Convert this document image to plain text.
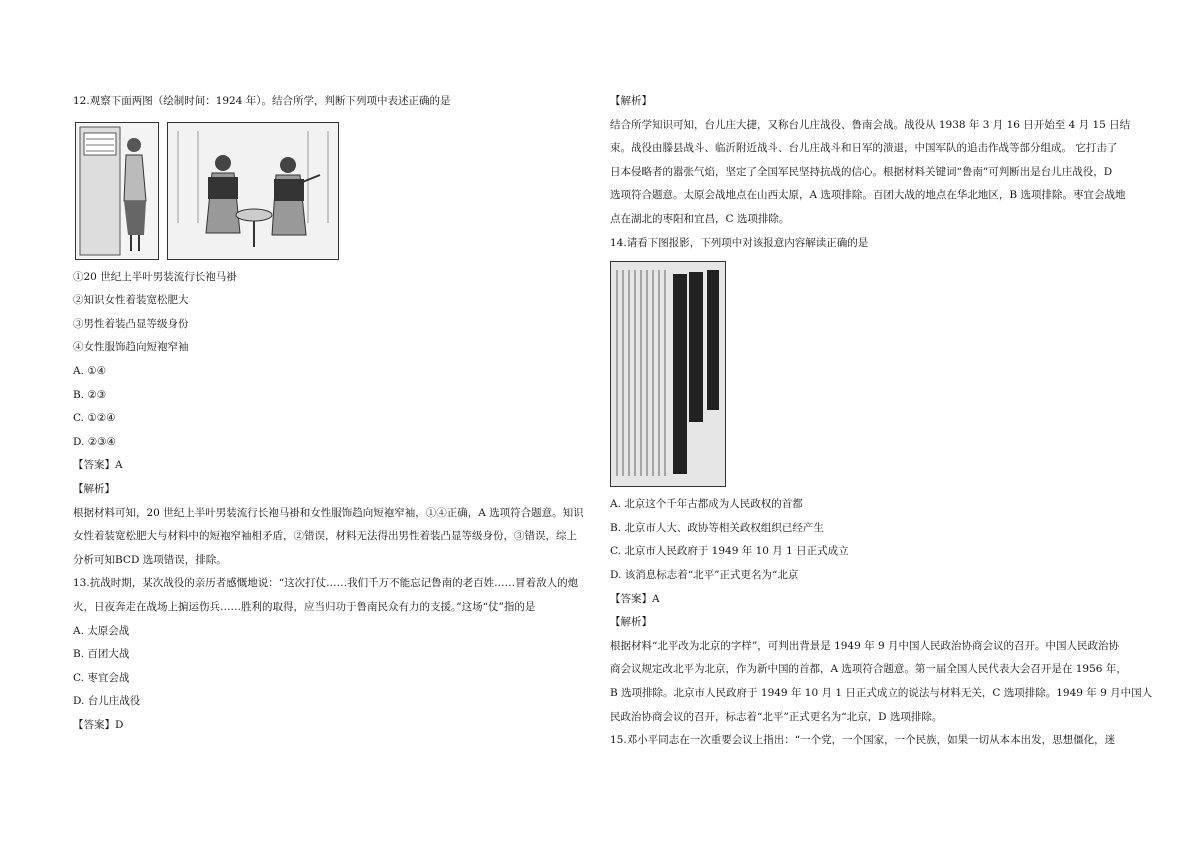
12.观察下面两图（绘制时间：1924 年）。结合所学，判断下列项中表述正确的是

①20 世纪上半叶男装流行长袍马褂

②知识女性着装宽松肥大

③男性着装凸显等级身份

④女性服饰趋向短袍窄袖

A. ①④

B. ②③

C. ①②④

D. ②③④

【答案】A

【解析】

根据材料可知，20 世纪上半叶男装流行长袍马褂和女性服饰趋向短袍窄袖，①④正确，A 选项符合题意。知识

女性着装宽松肥大与材料中的短袍窄袖相矛盾，②错误，材料无法得出男性着装凸显等级身份，③错误，综上

分析可知BCD 选项错误，排除。

13.抗战时期，某次战役的亲历者感慨地说：“这次打仗……我们千万不能忘记鲁南的老百姓……冒着敌人的炮

火，日夜奔走在战场上掮运伤兵……胜利的取得，应当归功于鲁南民众有力的支援。”这场“仗”指的是

A. 太原会战

B. 百团大战

C. 枣宜会战

D. 台儿庄战役

【答案】D

【解析】

结合所学知识可知，台儿庄大捷，又称台儿庄战役、鲁南会战。战役从 1938 年 3 月 16 日开始至 4 月 15 日结

束。战役由滕县战斗、临沂附近战斗、台儿庄战斗和日军的溃退，中国军队的追击作战等部分组成。 它打击了

日本侵略者的嚣张气焰，坚定了全国军民坚持抗战的信心。根据材料关键词“鲁南”可判断出是台儿庄战役，D

选项符合题意。太原会战地点在山西太原，A 选项排除。百团大战的地点在华北地区，B 选项排除。枣宜会战地

点在湖北的枣阳和宜昌，C 选项排除。

14.请看下图报影，下列项中对该报意内容解读正确的是

A. 北京这个千年古都成为人民政权的首都

B. 北京市人大、政协等相关政权组织已经产生

C. 北京市人民政府于 1949 年 10 月 1 日正式成立

D. 该消息标志着“北平”正式更名为“北京

【答案】A

【解析】

根据材料“北平改为北京的字样”，可判出背景是 1949 年 9 月中国人民政治协商会议的召开。中国人民政治协

商会议规定改北平为北京，作为新中国的首都，A 选项符合题意。第一届全国人民代表大会召开是在 1956 年，

B 选项排除。北京市人民政府于 1949 年 10 月 1 日正式成立的说法与材料无关，C 选项排除。1949 年 9 月中国人

民政治协商会议的召开，标志着“北平”正式更名为“北京，D 选项排除。

15.邓小平同志在一次重要会议上指出：“一个党，一个国家，一个民族，如果一切从本本出发，思想僵化，迷
